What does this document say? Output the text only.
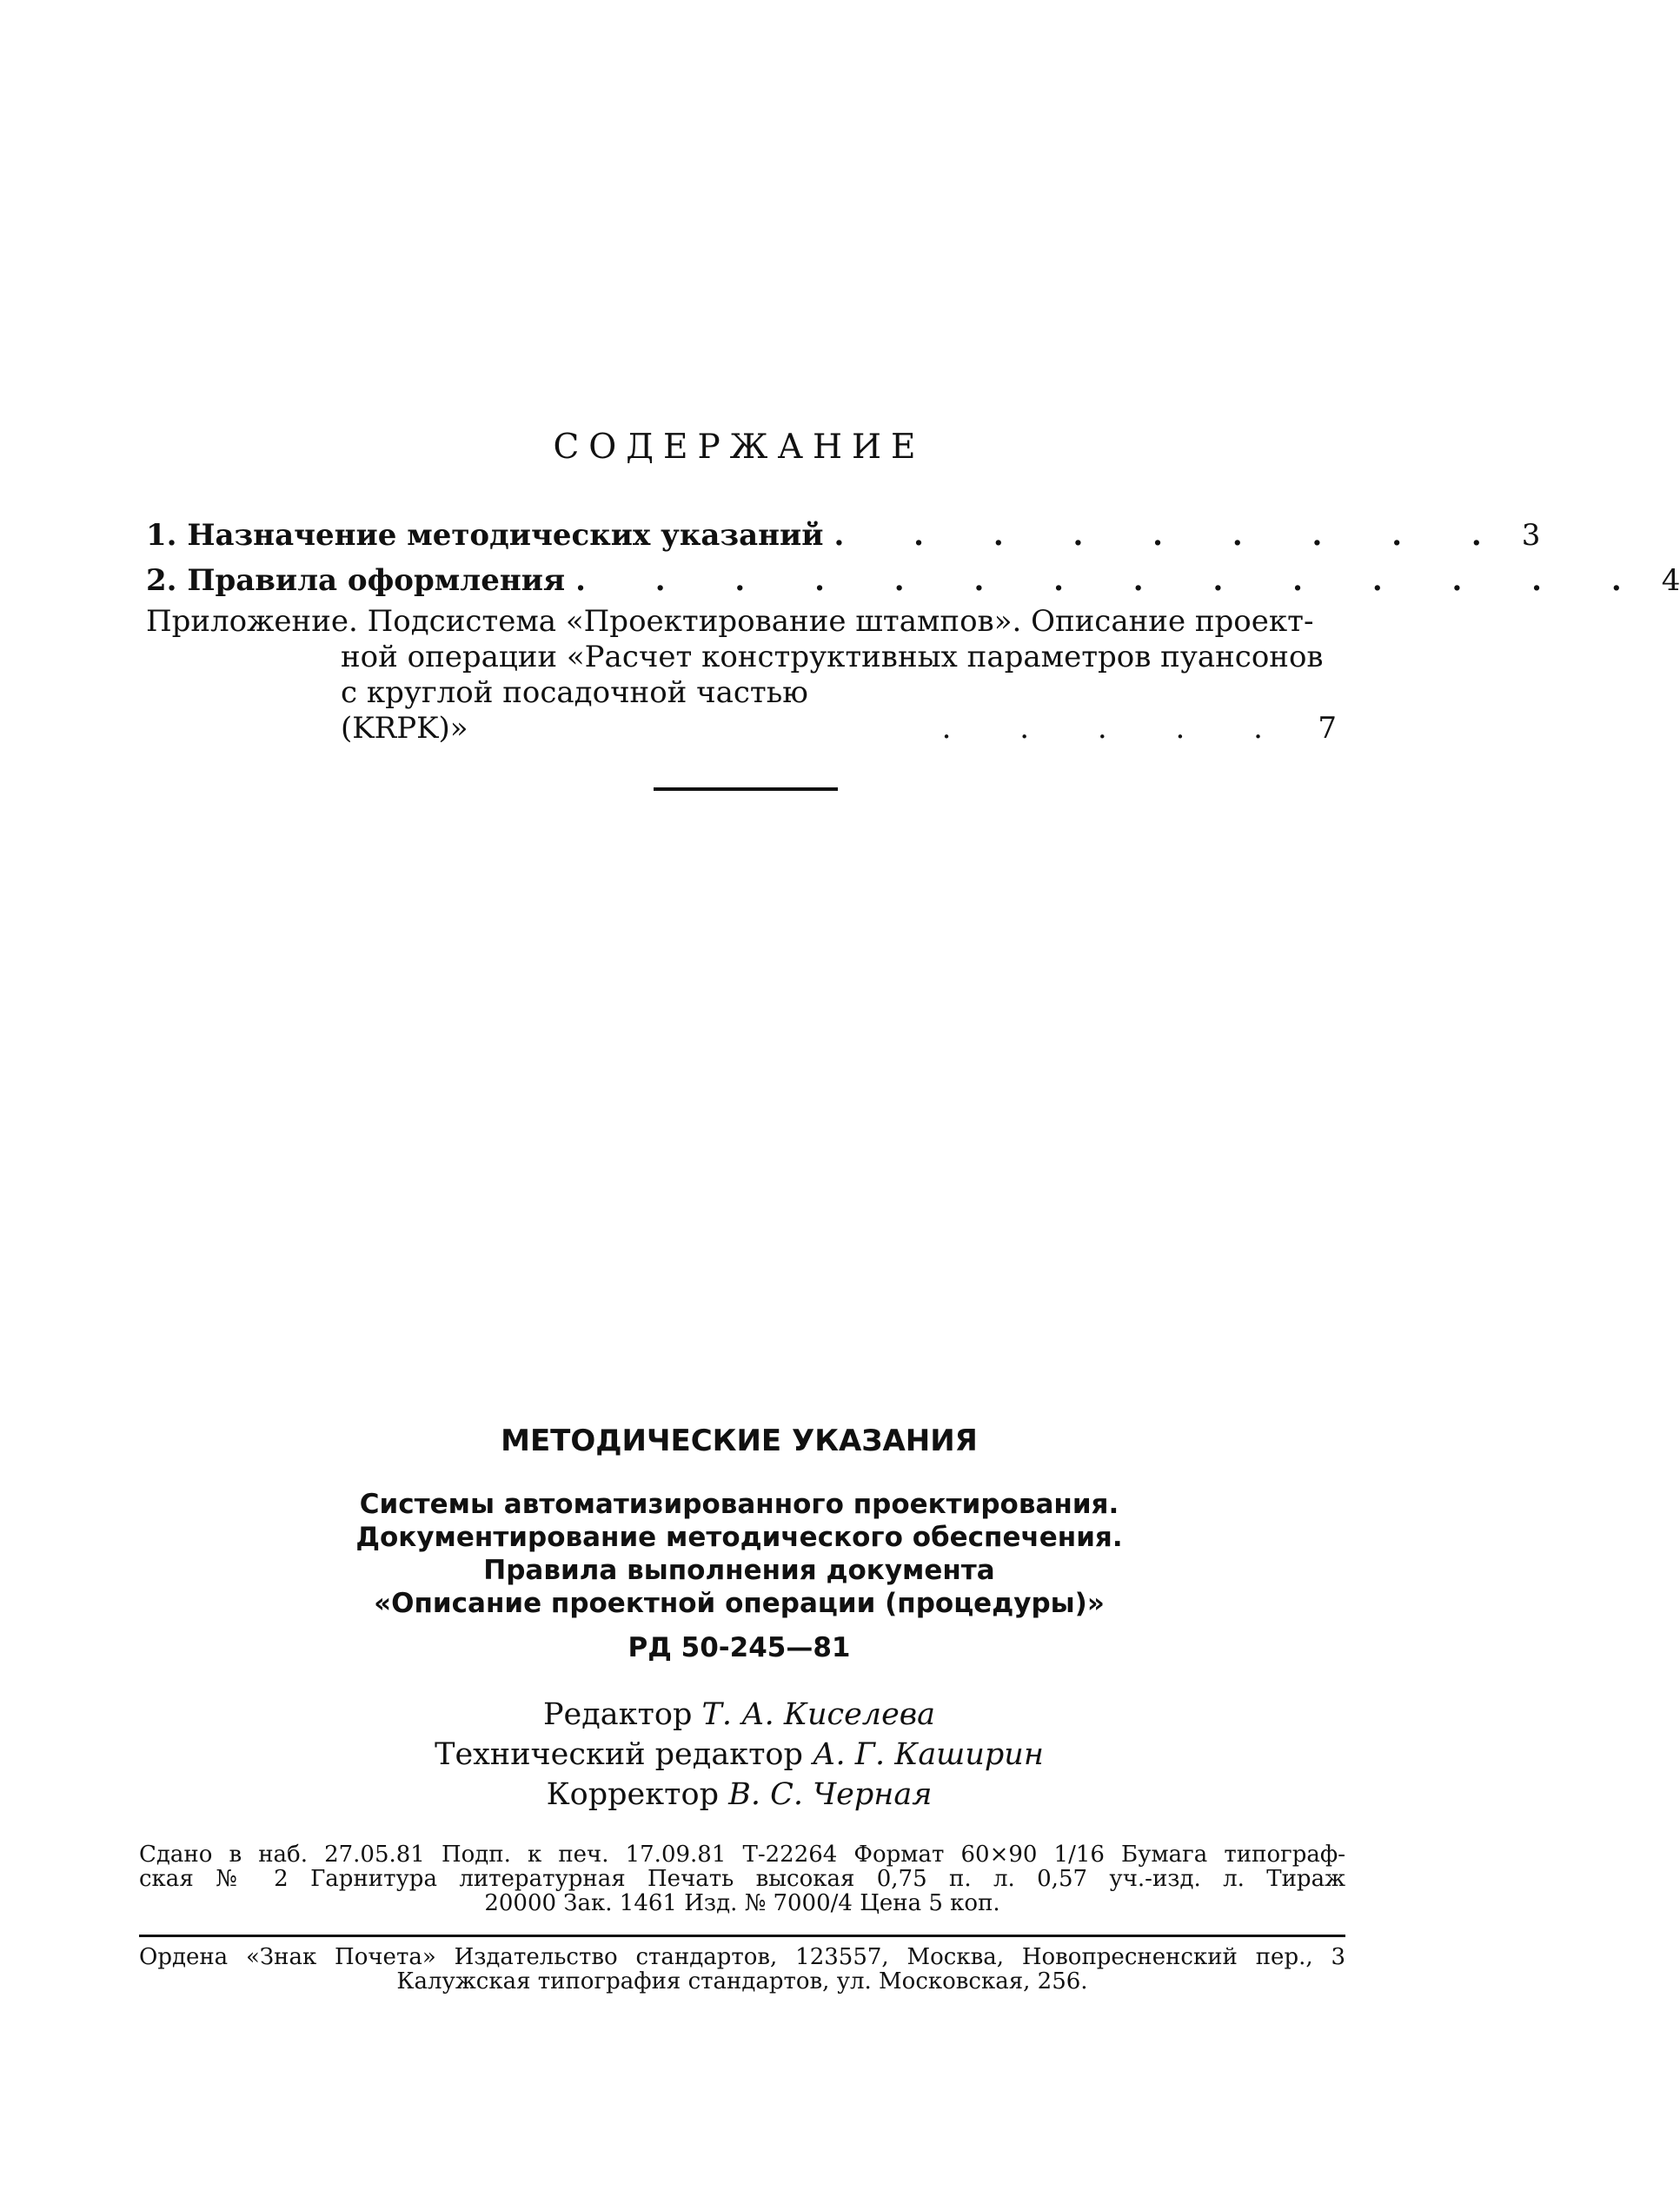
СОДЕРЖАНИЕ
1. Назначение методических указаний . . . . . . . . . 3
2. Правила оформления . . . . . . . . . . . . . . 4
Приложение. Подсистема «Проектирование штампов». Описание проект-
ной операции «Расчет конструктивных параметров пуансонов
с круглой посадочной частью (KRPK)»	. . . . . 7
МЕТОДИЧЕСКИЕ УКАЗАНИЯ
Системы автоматизированного проектирования.
Документирование методического обеспечения.
Правила выполнения документа
«Описание проектной операции (процедуры)»
РД 50-245—81
Редактор Т. А. Киселева
Технический редактор А. Г. Каширин
Корректор В. С. Черная
Сдано в наб. 27.05.81 Подп. к печ. 17.09.81 Т-22264 Формат 60×90 1/16 Бумага типограф-
ская № 2 Гарнитура литературная Печать высокая 0,75 п. л. 0,57 уч.-изд. л. Тираж
20000 Зак. 1461 Изд. № 7000/4 Цена 5 коп.
Ордена «Знак Почета» Издательство стандартов, 123557, Москва, Новопресненский пер., 3
Калужская типография стандартов, ул. Московская, 256.
